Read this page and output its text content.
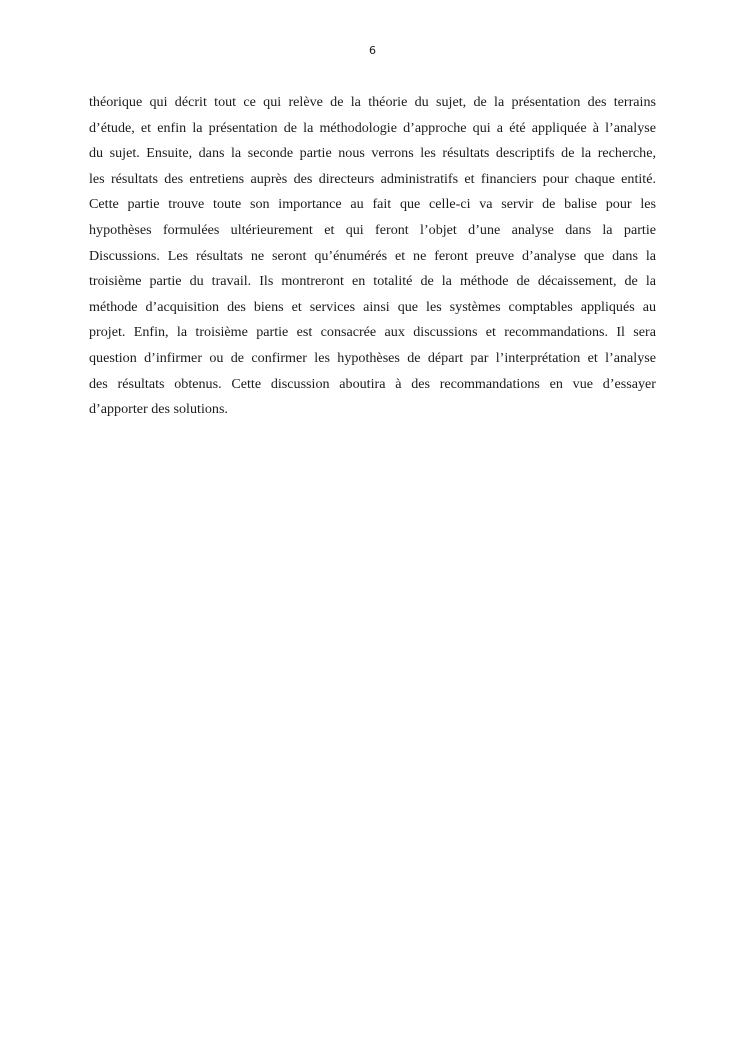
6

théorique qui décrit tout ce qui relève de la théorie du sujet, de la présentation des terrains
d’étude, et enfin la présentation de la méthodologie d’approche qui a été appliquée à l’analyse
du sujet. Ensuite, dans la seconde partie nous verrons les résultats descriptifs de la recherche,
les résultats des entretiens auprès des directeurs administratifs et financiers pour chaque entité.
Cette partie trouve toute son importance au fait que celle-ci va servir de balise pour les
hypothèses formulées ultérieurement et qui feront l’objet d’une analyse dans la partie
Discussions. Les résultats ne seront qu’énumérés et ne feront preuve d’analyse que dans la
troisième partie du travail. Ils montreront en totalité de la méthode de décaissement, de la
méthode d’acquisition des biens et services ainsi que les systèmes comptables appliqués au
projet. Enfin, la troisième partie est consacrée aux discussions et recommandations. Il sera
question d’infirmer ou de confirmer les hypothèses de départ par l’interprétation et l’analyse
des résultats obtenus. Cette discussion aboutira à des recommandations en vue d’essayer
d’apporter des solutions.
